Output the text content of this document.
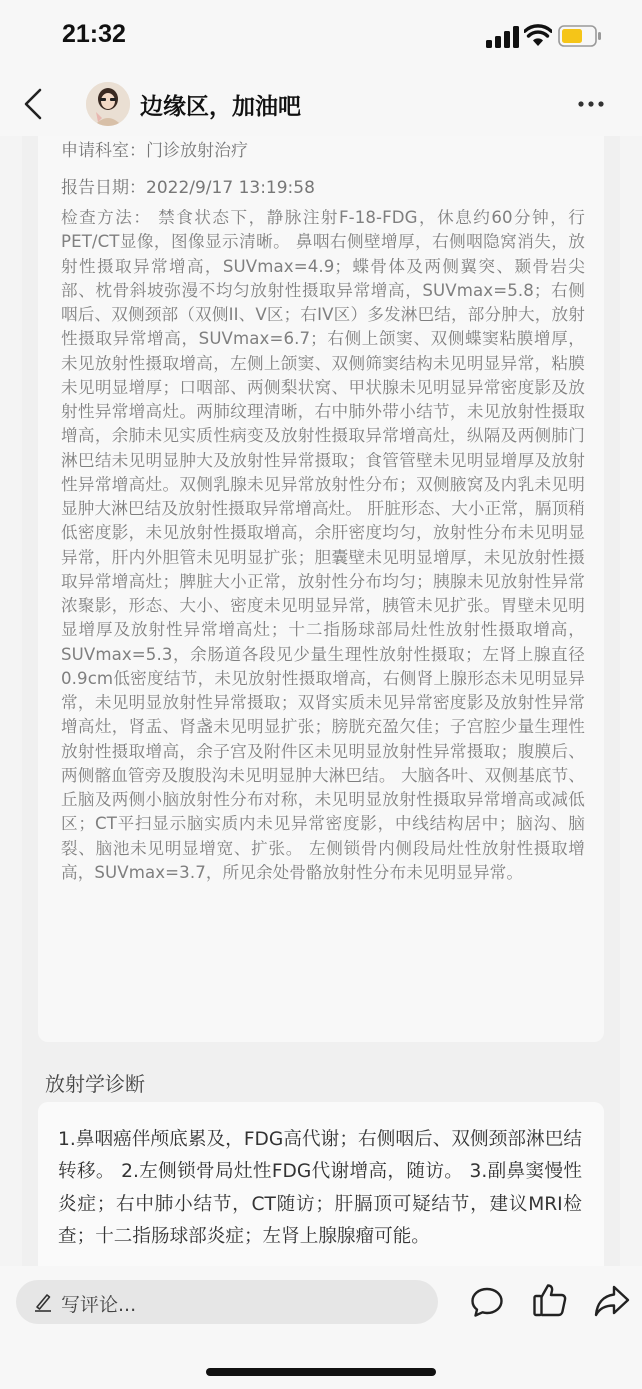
21:32
边缘区，加油吧
申请科室：门诊放射治疗
报告日期：2022/9/17 13:19:58
检查方法： 禁食状态下，静脉注射F-18-FDG，休息约60分钟，行PET/CT显像，图像显示清晰。 鼻咽右侧壁增厚，右侧咽隐窝消失，放射性摄取异常增高，SUVmax=4.9；蝶骨体及两侧翼突、颞骨岩尖部、枕骨斜坡弥漫不均匀放射性摄取异常增高，SUVmax=5.8；右侧咽后、双侧颈部（双侧II、V区；右IV区）多发淋巴结，部分肿大，放射性摄取异常增高，SUVmax=6.7；右侧上颌窦、双侧蝶窦粘膜增厚，未见放射性摄取增高，左侧上颌窦、双侧筛窦结构未见明显异常，粘膜未见明显增厚；口咽部、两侧梨状窝、甲状腺未见明显异常密度影及放射性异常增高灶。两肺纹理清晰，右中肺外带小结节，未见放射性摄取增高，余肺未见实质性病变及放射性摄取异常增高灶，纵隔及两侧肺门淋巴结未见明显肿大及放射性异常摄取；食管管壁未见明显增厚及放射性异常增高灶。双侧乳腺未见异常放射性分布；双侧腋窝及内乳未见明显肿大淋巴结及放射性摄取异常增高灶。 肝脏形态、大小正常，膈顶稍低密度影，未见放射性摄取增高，余肝密度均匀，放射性分布未见明显异常，肝内外胆管未见明显扩张；胆囊壁未见明显增厚，未见放射性摄取异常增高灶；脾脏大小正常，放射性分布均匀；胰腺未见放射性异常浓聚影，形态、大小、密度未见明显异常，胰管未见扩张。胃壁未见明显增厚及放射性异常增高灶；十二指肠球部局灶性放射性摄取增高，SUVmax=5.3，余肠道各段见少量生理性放射性摄取；左肾上腺直径0.9cm低密度结节，未见放射性摄取增高，右侧肾上腺形态未见明显异常，未见明显放射性异常摄取；双肾实质未见异常密度影及放射性异常增高灶，肾盂、肾盏未见明显扩张；膀胱充盈欠佳；子宫腔少量生理性放射性摄取增高，余子宫及附件区未见明显放射性异常摄取；腹膜后、两侧髂血管旁及腹股沟未见明显肿大淋巴结。 大脑各叶、双侧基底节、丘脑及两侧小脑放射性分布对称，未见明显放射性摄取异常增高或减低区；CT平扫显示脑实质内未见异常密度影，中线结构居中；脑沟、脑裂、脑池未见明显增宽、扩张。 左侧锁骨内侧段局灶性放射性摄取增高，SUVmax=3.7，所见余处骨骼放射性分布未见明显异常。
放射学诊断
1.鼻咽癌伴颅底累及，FDG高代谢；右侧咽后、双侧颈部淋巴结转移。 2.左侧锁骨局灶性FDG代谢增高，随访。 3.副鼻窦慢性炎症；右中肺小结节，CT随访；肝膈顶可疑结节，建议MRI检查；十二指肠球部炎症；左肾上腺腺瘤可能。
写评论...
